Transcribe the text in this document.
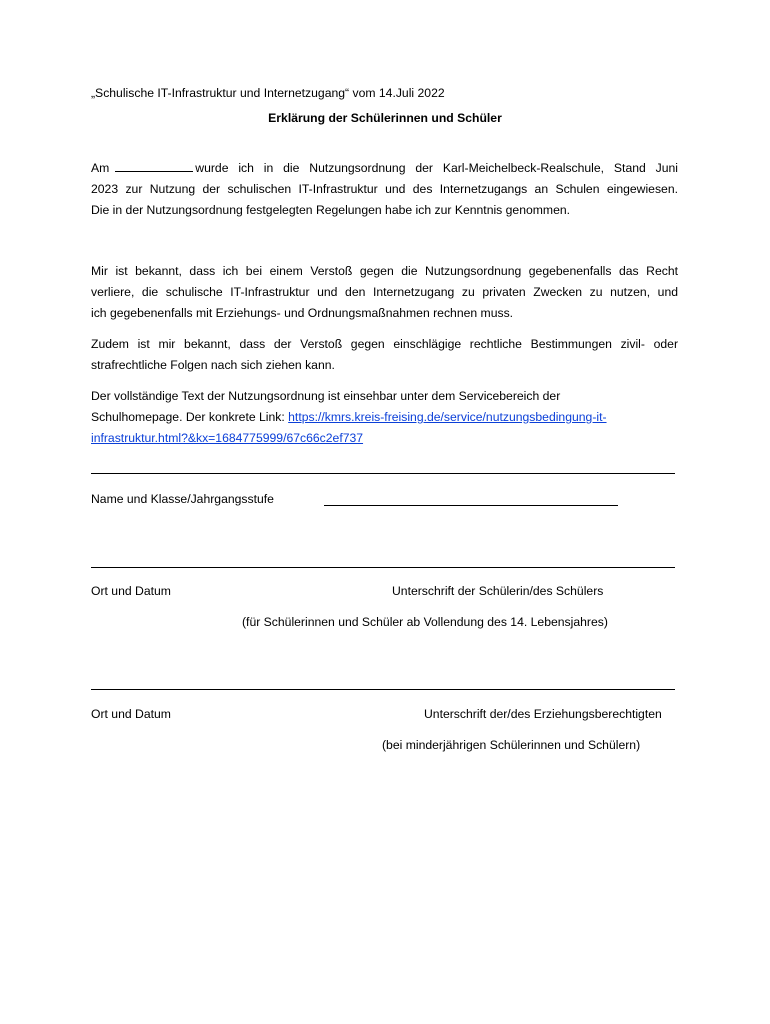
„Schulische IT-Infrastruktur und Internetzugang“ vom 14.Juli 2022
Erklärung der Schülerinnen und Schüler
Am	wurde ich in die Nutzungsordnung der Karl-Meichelbeck-Realschule, Stand Juni
2023 zur Nutzung der schulischen IT-Infrastruktur und des Internetzugangs an Schulen eingewiesen.
Die in der Nutzungsordnung festgelegten Regelungen habe ich zur Kenntnis genommen.
Mir ist bekannt, dass ich bei einem Verstoß gegen die Nutzungsordnung gegebenenfalls das Recht
verliere, die schulische IT-Infrastruktur und den Internetzugang zu privaten Zwecken zu nutzen, und
ich gegebenenfalls mit Erziehungs- und Ordnungsmaßnahmen rechnen muss.
Zudem ist mir bekannt, dass der Verstoß gegen einschlägige rechtliche Bestimmungen zivil- oder
strafrechtliche Folgen nach sich ziehen kann.
Der vollständige Text der Nutzungsordnung ist einsehbar unter dem Servicebereich der
Schulhomepage. Der konkrete Link: https://kmrs.kreis-freising.de/service/nutzungsbedingung-it-
infrastruktur.html?&kx=1684775999/67c66c2ef737
Name und Klasse/Jahrgangsstufe
Ort und Datum	Unterschrift der Schülerin/des Schülers
(für Schülerinnen und Schüler ab Vollendung des 14. Lebensjahres)
Ort und Datum	Unterschrift der/des Erziehungsberechtigten
(bei minderjährigen Schülerinnen und Schülern)
